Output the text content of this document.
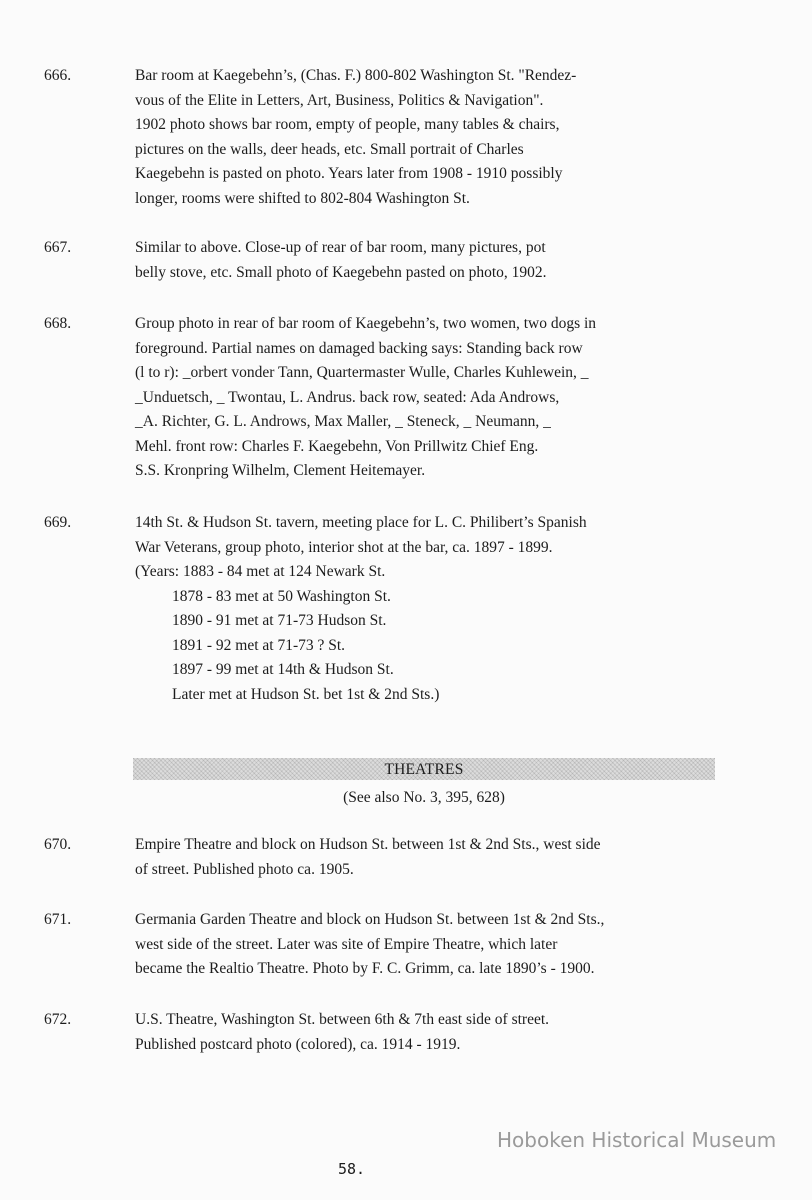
666.	Bar room at Kaegebehn’s, (Chas. F.) 800-802 Washington St. "Rendez-
vous of the Elite in Letters, Art, Business, Politics & Navigation".
1902 photo shows bar room, empty of people, many tables & chairs,
pictures on the walls, deer heads, etc. Small portrait of Charles
Kaegebehn is pasted on photo. Years later from 1908 - 1910 possibly
longer, rooms were shifted to 802-804 Washington St.
667.	Similar to above. Close-up of rear of bar room, many pictures, pot
belly stove, etc. Small photo of Kaegebehn pasted on photo, 1902.
668.	Group photo in rear of bar room of Kaegebehn’s, two women, two dogs in
foreground. Partial names on damaged backing says: Standing back row
(l to r): _orbert vonder Tann, Quartermaster Wulle, Charles Kuhlewein, _
_Unduetsch, _ Twontau, L. Andrus. back row, seated: Ada Androws,
_A. Richter, G. L. Androws, Max Maller, _ Steneck, _ Neumann, _
Mehl. front row: Charles F. Kaegebehn, Von Prillwitz Chief Eng.
S.S. Kronpring Wilhelm, Clement Heitemayer.
669.	14th St. & Hudson St. tavern, meeting place for L. C. Philibert’s Spanish
War Veterans, group photo, interior shot at the bar, ca. 1897 - 1899.
(Years: 1883 - 84 met at 124 Newark St.
1878 - 83 met at 50 Washington St.
1890 - 91 met at 71-73 Hudson St.
1891 - 92 met at 71-73 ? St.
1897 - 99 met at 14th & Hudson St.
Later met at Hudson St. bet 1st & 2nd Sts.)
THEATRES
(See also No. 3, 395, 628)
670.	Empire Theatre and block on Hudson St. between 1st & 2nd Sts., west side
of street. Published photo ca. 1905.
671.	Germania Garden Theatre and block on Hudson St. between 1st & 2nd Sts.,
west side of the street. Later was site of Empire Theatre, which later
became the Realtio Theatre. Photo by F. C. Grimm, ca. late 1890’s - 1900.
672.	U.S. Theatre, Washington St. between 6th & 7th east side of street.
Published postcard photo (colored), ca. 1914 - 1919.
Hoboken Historical Museum
58.
